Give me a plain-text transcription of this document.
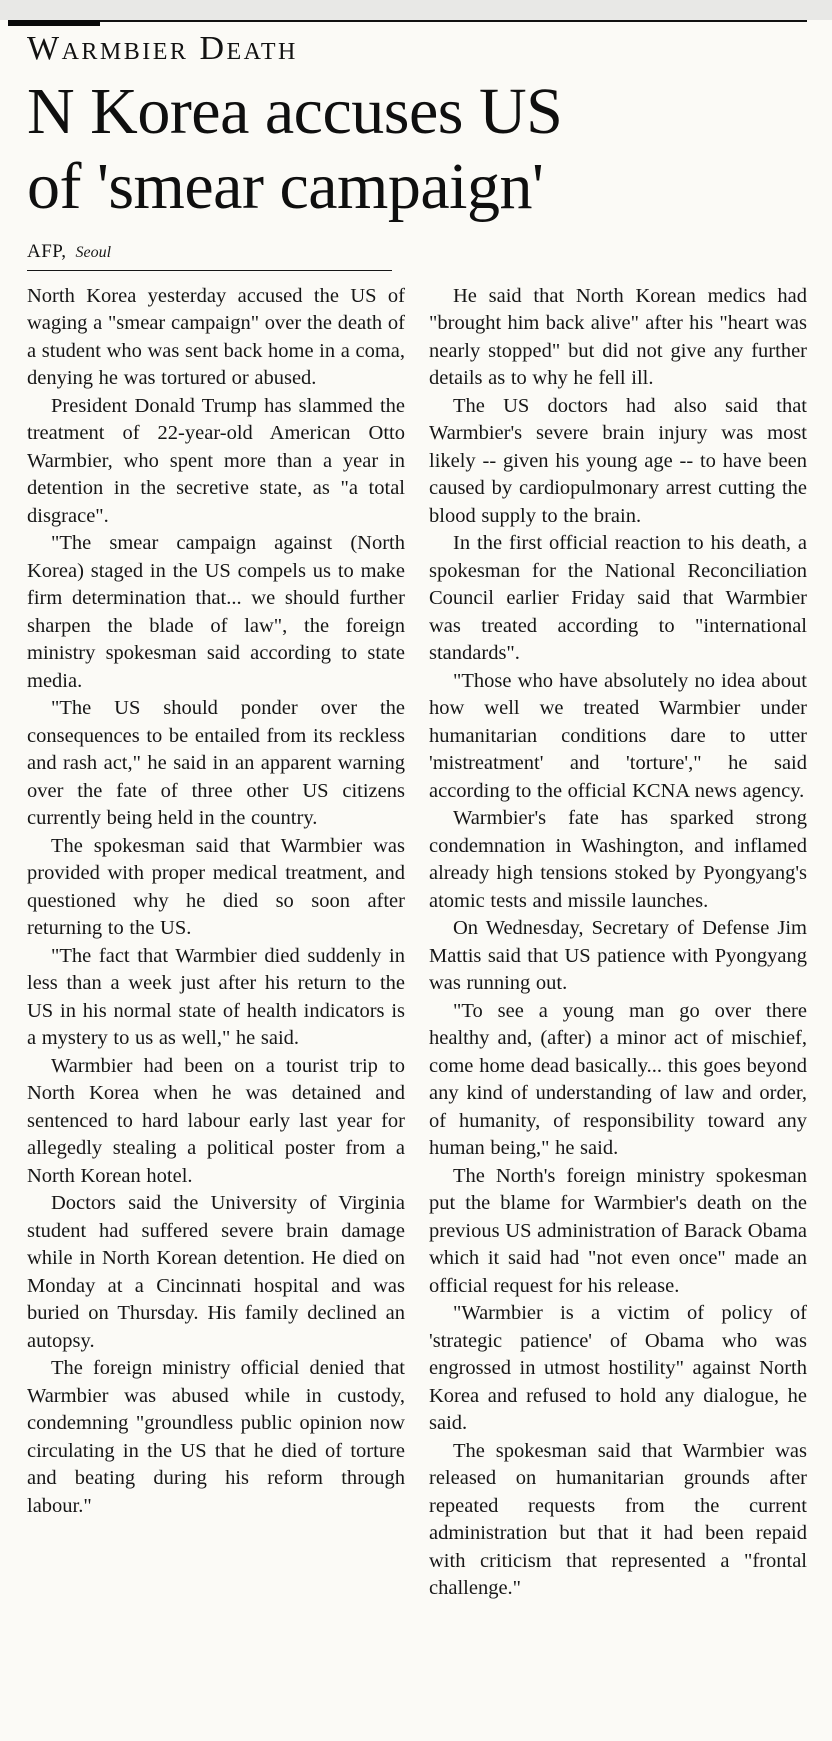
Warmbier Death
N Korea accuses US
of 'smear campaign'
AFP, Seoul

North Korea yesterday accused the US of waging a "smear campaign" over the death of a student who was sent back home in a coma, denying he was tortured or abused.

President Donald Trump has slammed the treatment of 22-year-old American Otto Warmbier, who spent more than a year in detention in the secretive state, as "a total disgrace".

"The smear campaign against (North Korea) staged in the US compels us to make firm determination that... we should further sharpen the blade of law", the foreign ministry spokesman said according to state media.

"The US should ponder over the consequences to be entailed from its reckless and rash act," he said in an apparent warning over the fate of three other US citizens currently being held in the country.

The spokesman said that Warmbier was provided with proper medical treatment, and questioned why he died so soon after returning to the US.

"The fact that Warmbier died suddenly in less than a week just after his return to the US in his normal state of health indicators is a mystery to us as well," he said.

Warmbier had been on a tourist trip to North Korea when he was detained and sentenced to hard labour early last year for allegedly stealing a political poster from a North Korean hotel.

Doctors said the University of Virginia student had suffered severe brain damage while in North Korean detention. He died on Monday at a Cincinnati hospital and was buried on Thursday. His family declined an autopsy.

The foreign ministry official denied that Warmbier was abused while in custody, condemning "groundless public opinion now circulating in the US that he died of torture and beating during his reform through labour."

He said that North Korean medics had "brought him back alive" after his "heart was nearly stopped" but did not give any further details as to why he fell ill.

The US doctors had also said that Warmbier's severe brain injury was most likely -- given his young age -- to have been caused by cardiopulmonary arrest cutting the blood supply to the brain.

In the first official reaction to his death, a spokesman for the National Reconciliation Council earlier Friday said that Warmbier was treated according to "international standards".

"Those who have absolutely no idea about how well we treated Warmbier under humanitarian conditions dare to utter 'mistreatment' and 'torture'," he said according to the official KCNA news agency.

Warmbier's fate has sparked strong condemnation in Washington, and inflamed already high tensions stoked by Pyongyang's atomic tests and missile launches.

On Wednesday, Secretary of Defense Jim Mattis said that US patience with Pyongyang was running out.

"To see a young man go over there healthy and, (after) a minor act of mischief, come home dead basically... this goes beyond any kind of understanding of law and order, of humanity, of responsibility toward any human being," he said.

The North's foreign ministry spokesman put the blame for Warmbier's death on the previous US administration of Barack Obama which it said had "not even once" made an official request for his release.

"Warmbier is a victim of policy of 'strategic patience' of Obama who was engrossed in utmost hostility" against North Korea and refused to hold any dialogue, he said.

The spokesman said that Warmbier was released on humanitarian grounds after repeated requests from the current administration but that it had been repaid with criticism that represented a "frontal challenge."
